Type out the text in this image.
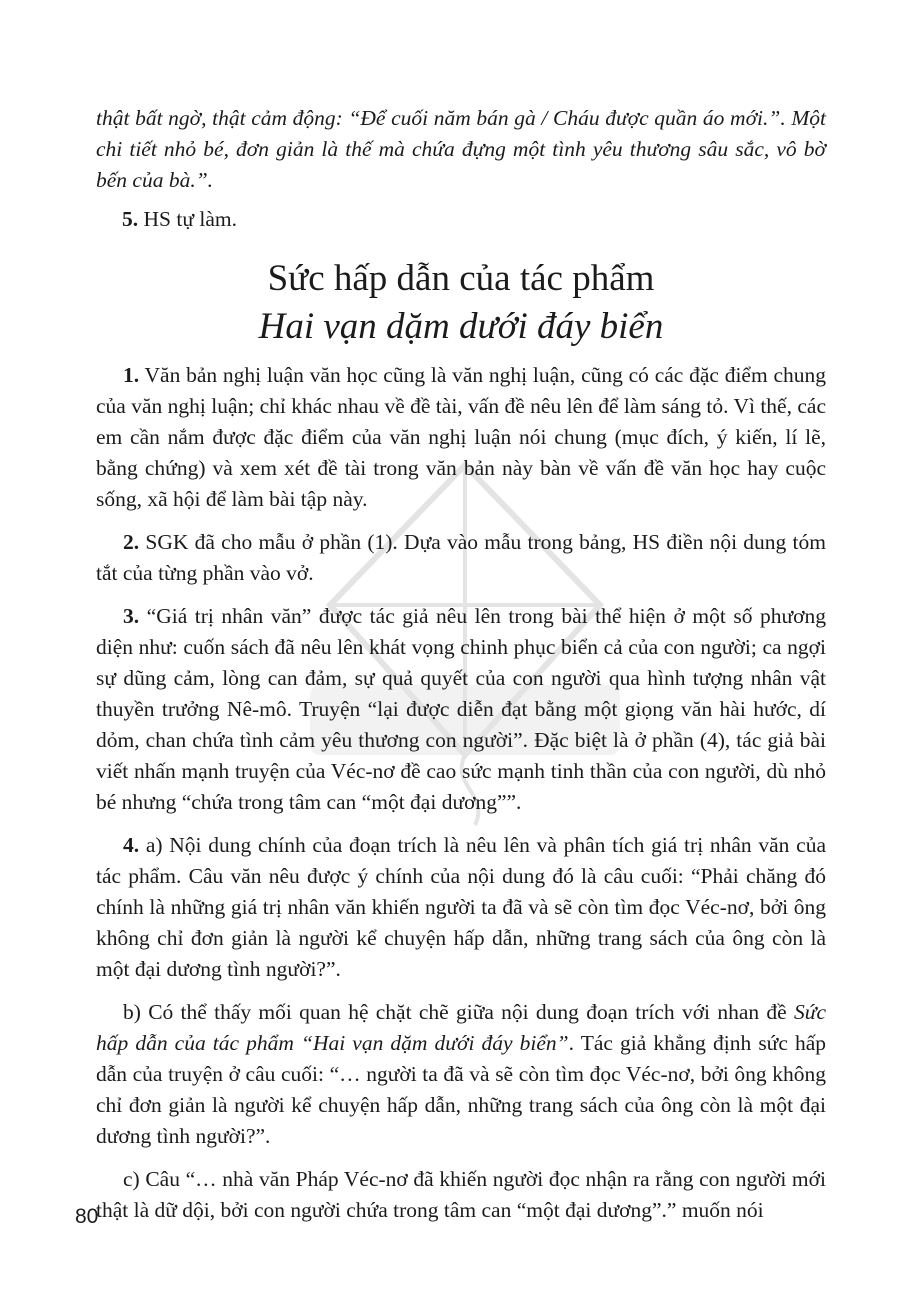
thật bất ngờ, thật cảm động: “Để cuối năm bán gà / Cháu được quần áo mới.”. Một chi tiết nhỏ bé, đơn giản là thế mà chứa đựng một tình yêu thương sâu sắc, vô bờ bến của bà.”.

5. HS tự làm.
Sức hấp dẫn của tác phẩm
Hai vạn dặm dưới đáy biển

1. Văn bản nghị luận văn học cũng là văn nghị luận, cũng có các đặc điểm chung của văn nghị luận; chỉ khác nhau về đề tài, vấn đề nêu lên để làm sáng tỏ. Vì thế, các em cần nắm được đặc điểm của văn nghị luận nói chung (mục đích, ý kiến, lí lẽ, bằng chứng) và xem xét đề tài trong văn bản này bàn về vấn đề văn học hay cuộc sống, xã hội để làm bài tập này.

2. SGK đã cho mẫu ở phần (1). Dựa vào mẫu trong bảng, HS điền nội dung tóm tắt của từng phần vào vở.

3. “Giá trị nhân văn” được tác giả nêu lên trong bài thể hiện ở một số phương diện như: cuốn sách đã nêu lên khát vọng chinh phục biển cả của con người; ca ngợi sự dũng cảm, lòng can đảm, sự quả quyết của con người qua hình tượng nhân vật thuyền trưởng Nê-mô. Truyện “lại được diễn đạt bằng một giọng văn hài hước, dí dỏm, chan chứa tình cảm yêu thương con người”. Đặc biệt là ở phần (4), tác giả bài viết nhấn mạnh truyện của Véc-nơ đề cao sức mạnh tinh thần của con người, dù nhỏ bé nhưng “chứa trong tâm can “một đại dương””.

4. a) Nội dung chính của đoạn trích là nêu lên và phân tích giá trị nhân văn của tác phẩm. Câu văn nêu được ý chính của nội dung đó là câu cuối: “Phải chăng đó chính là những giá trị nhân văn khiến người ta đã và sẽ còn tìm đọc Véc-nơ, bởi ông không chỉ đơn giản là người kể chuyện hấp dẫn, những trang sách của ông còn là một đại dương tình người?”.

b) Có thể thấy mối quan hệ chặt chẽ giữa nội dung đoạn trích với nhan đề Sức hấp dẫn của tác phẩm “Hai vạn dặm dưới đáy biển”. Tác giả khẳng định sức hấp dẫn của truyện ở câu cuối: “… người ta đã và sẽ còn tìm đọc Véc-nơ, bởi ông không chỉ đơn giản là người kể chuyện hấp dẫn, những trang sách của ông còn là một đại dương tình người?”.

c) Câu “… nhà văn Pháp Véc-nơ đã khiến người đọc nhận ra rằng con người mới thật là dữ dội, bởi con người chứa trong tâm can “một đại dương”.” muốn nói

80
